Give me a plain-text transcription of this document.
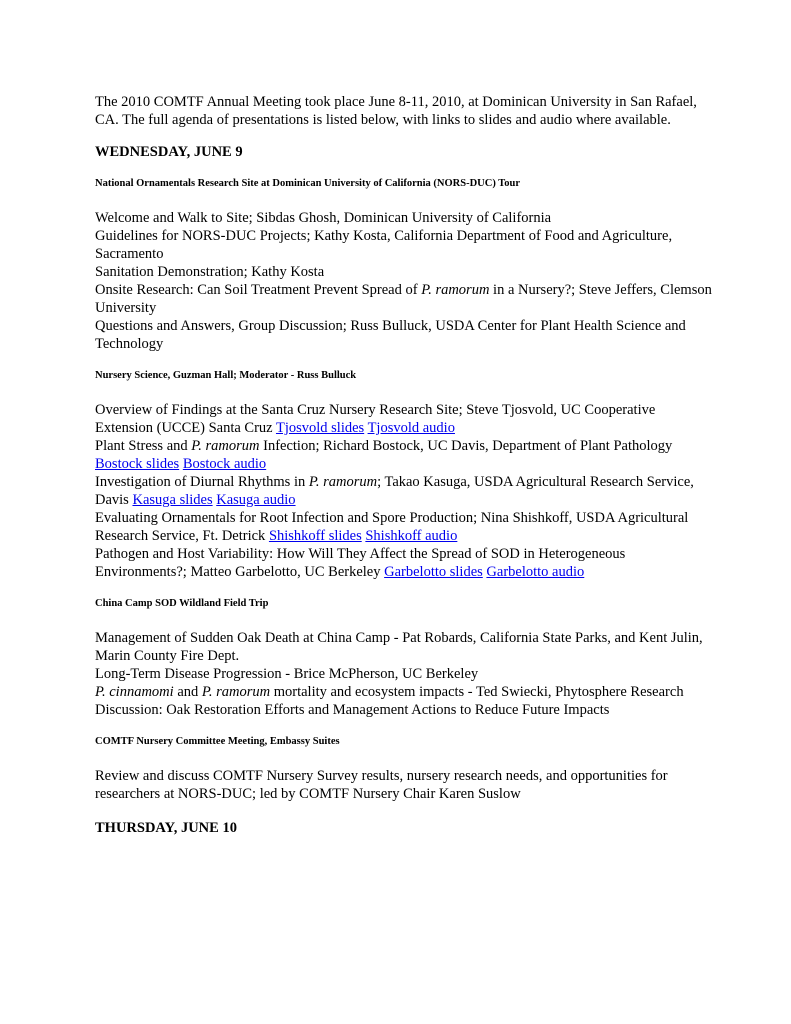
The 2010 COMTF Annual Meeting took place June 8-11, 2010, at Dominican University in San Rafael, CA. The full agenda of presentations is listed below, with links to slides and audio where available.

WEDNESDAY, JUNE 9

National Ornamentals Research Site at Dominican University of California (NORS-DUC) Tour

Welcome and Walk to Site; Sibdas Ghosh, Dominican University of California
Guidelines for NORS-DUC Projects; Kathy Kosta, California Department of Food and Agriculture, Sacramento
Sanitation Demonstration; Kathy Kosta
Onsite Research: Can Soil Treatment Prevent Spread of P. ramorum in a Nursery?; Steve Jeffers, Clemson University
Questions and Answers, Group Discussion; Russ Bulluck, USDA Center for Plant Health Science and Technology

Nursery Science, Guzman Hall; Moderator - Russ Bulluck

Overview of Findings at the Santa Cruz Nursery Research Site; Steve Tjosvold, UC Cooperative Extension (UCCE) Santa Cruz Tjosvold slides Tjosvold audio
Plant Stress and P. ramorum Infection; Richard Bostock, UC Davis, Department of Plant Pathology Bostock slides Bostock audio
Investigation of Diurnal Rhythms in P. ramorum; Takao Kasuga, USDA Agricultural Research Service, Davis Kasuga slides Kasuga audio
Evaluating Ornamentals for Root Infection and Spore Production; Nina Shishkoff, USDA Agricultural Research Service, Ft. Detrick Shishkoff slides Shishkoff audio
Pathogen and Host Variability: How Will They Affect the Spread of SOD in Heterogeneous Environments?; Matteo Garbelotto, UC Berkeley Garbelotto slides Garbelotto audio

China Camp SOD Wildland Field Trip

Management of Sudden Oak Death at China Camp - Pat Robards, California State Parks, and Kent Julin, Marin County Fire Dept.
Long-Term Disease Progression - Brice McPherson, UC Berkeley
P. cinnamomi and P. ramorum mortality and ecosystem impacts - Ted Swiecki, Phytosphere Research
Discussion: Oak Restoration Efforts and Management Actions to Reduce Future Impacts

COMTF Nursery Committee Meeting, Embassy Suites

Review and discuss COMTF Nursery Survey results, nursery research needs, and opportunities for researchers at NORS-DUC; led by COMTF Nursery Chair Karen Suslow

THURSDAY, JUNE 10
